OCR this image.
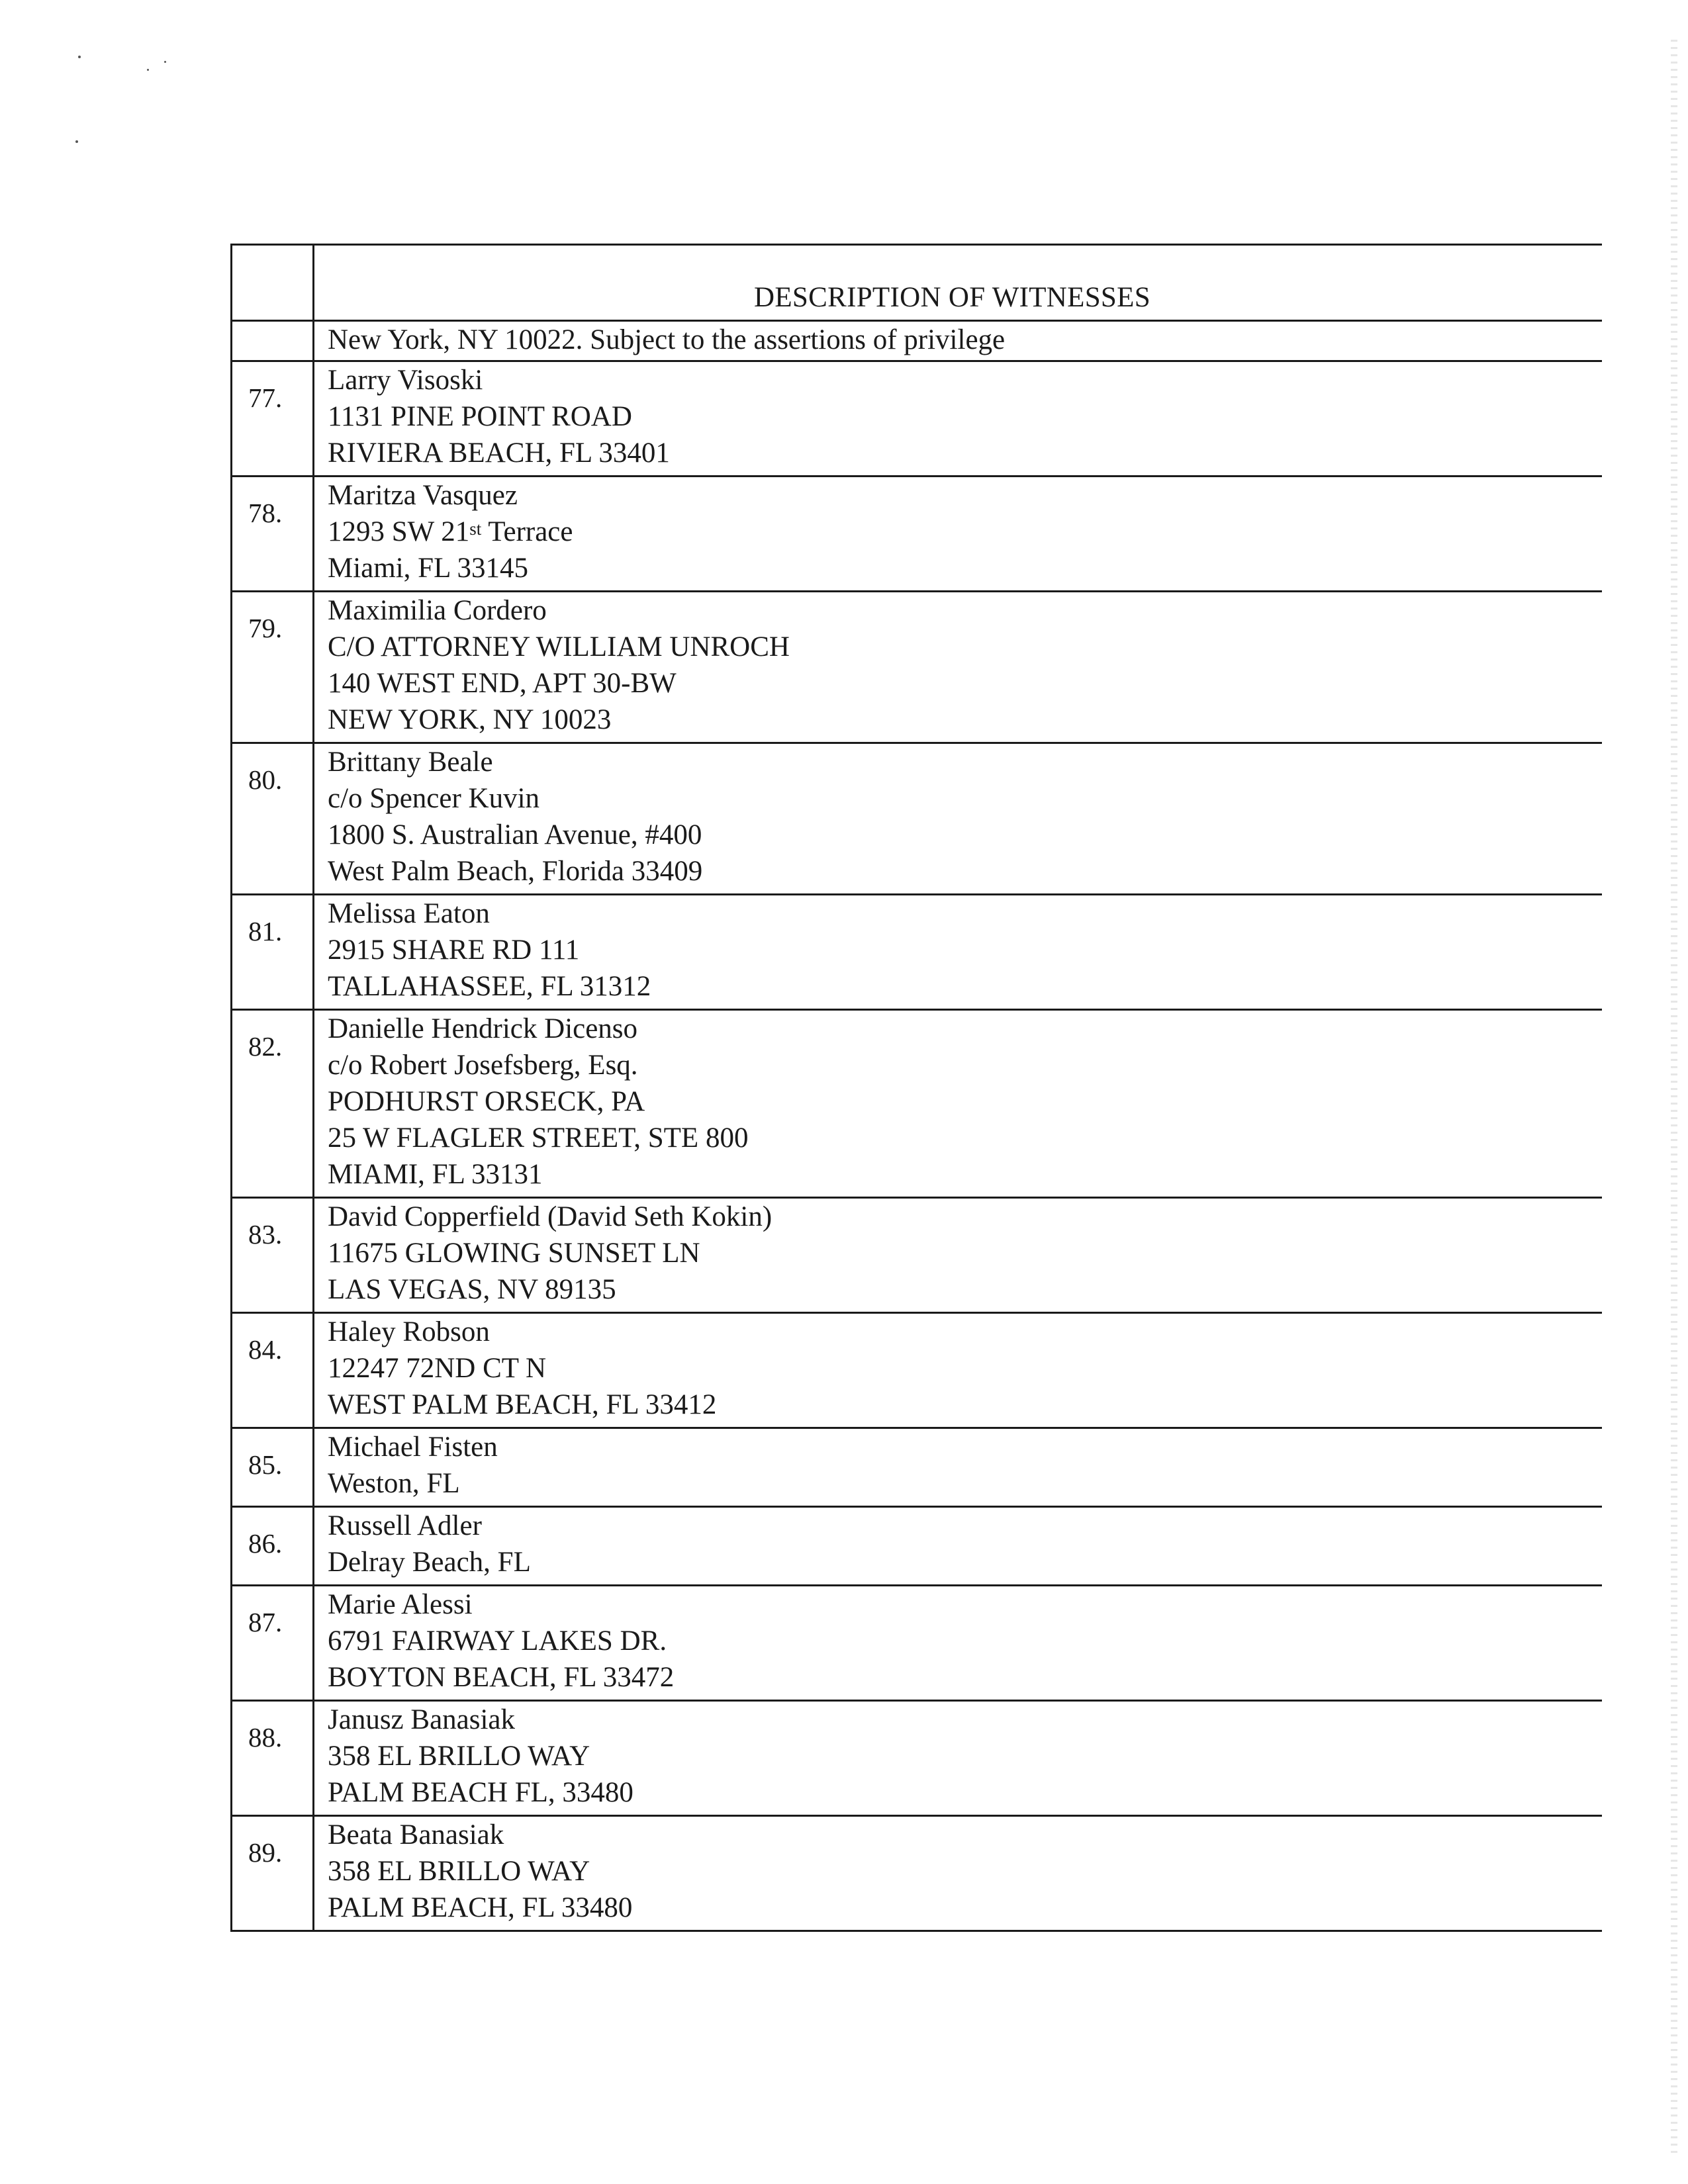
DESCRIPTION OF WITNESSES
New York, NY 10022. Subject to the assertions of privilege
77.
Larry Visoski
1131 PINE POINT ROAD
RIVIERA BEACH, FL 33401
78.
Maritza Vasquez
1293 SW 21st Terrace
Miami, FL 33145
79.
Maximilia Cordero
C/O ATTORNEY WILLIAM UNROCH
140 WEST END, APT 30-BW
NEW YORK, NY 10023
80.
Brittany Beale
c/o Spencer Kuvin
1800 S. Australian Avenue, #400
West Palm Beach, Florida 33409
81.
Melissa Eaton
2915 SHARE RD 111
TALLAHASSEE, FL 31312
82.
Danielle Hendrick Dicenso
c/o Robert Josefsberg, Esq.
PODHURST ORSECK, PA
25 W FLAGLER STREET, STE 800
MIAMI, FL 33131
83.
David Copperfield (David Seth Kokin)
11675 GLOWING SUNSET LN
LAS VEGAS, NV 89135
84.
Haley Robson
12247 72ND CT N
WEST PALM BEACH, FL 33412
85.
Michael Fisten
Weston, FL
86.
Russell Adler
Delray Beach, FL
87.
Marie Alessi
6791 FAIRWAY LAKES DR.
BOYTON BEACH, FL 33472
88.
Janusz Banasiak
358 EL BRILLO WAY
PALM BEACH FL, 33480
89.
Beata Banasiak
358 EL BRILLO WAY
PALM BEACH, FL 33480
